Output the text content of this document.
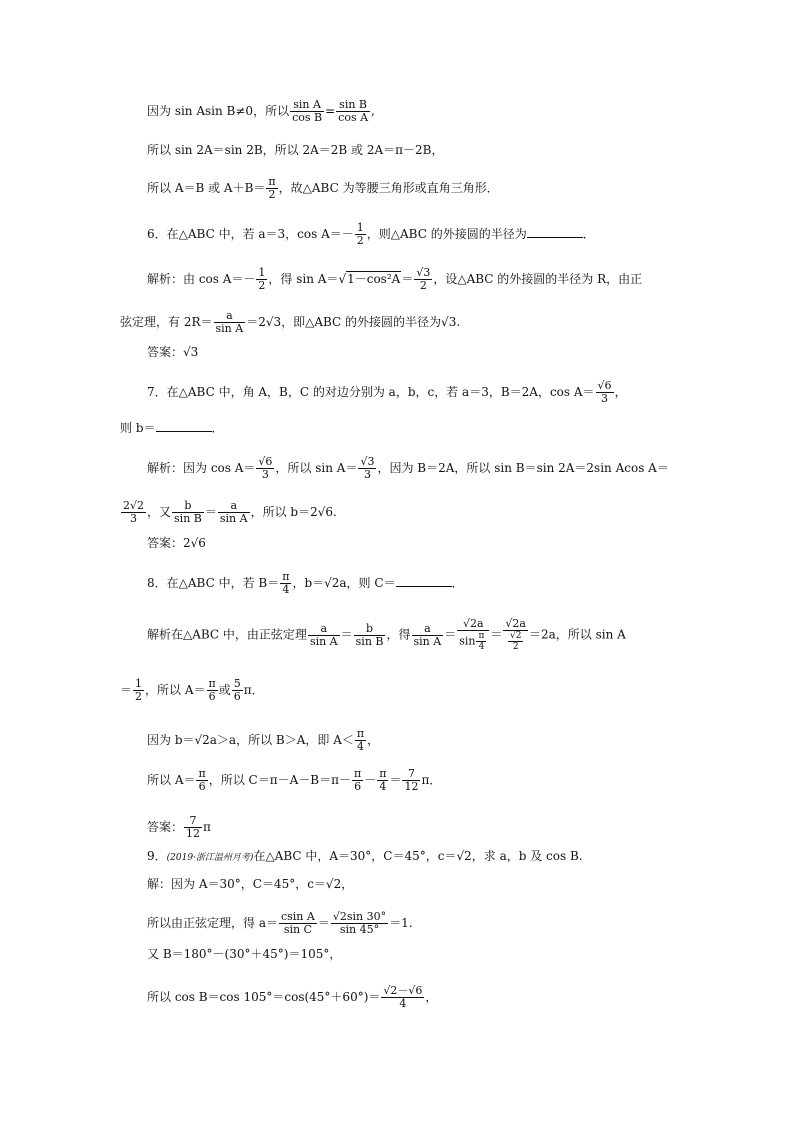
因为 sin Asin B≠0，所以 $\frac{\text{sin A}}{\text{cos B}} = \frac{\text{sin B}}{\text{cos A}}$ ,
所以 sin 2A＝sin 2B，所以 2A＝2B 或 2A＝π－2B，
所以 A＝B 或 $A+B= \frac{\pi}{2}$ ，故△ABC 为等腰三角形或直角三角形．
6．在△ABC 中，若 a＝3，$\cos A=- \frac{1}{2}$ ，则△ABC 的外接圆的半径为	．
解析：由 $\cos A=- \frac{1}{2}$ ，得 $\sin A=√1-\cos^2A= \frac{√3}{2}$ ，设△ABC 的外接圆的半径为 R，由正
弦定理，有 $2R= \frac{a}{\text{sin A}} =2√3$，即△ABC 的外接圆的半径为√3.
答案：√3
7．在△ABC 中，角 A，B，C 的对边分别为 a，b，c，若 a＝3，B＝2A，$\cos A= \frac{√6}{3}$ ，
则 b＝	．
解析：因为 $\cos A= \frac{√6}{3}$ ，所以 $\sin A= \frac{√3}{3}$ ，因为 B＝2A，所以 sin B＝sin 2A＝2sin Acos A＝
$\frac{2√2}{3}$ ，又 $\frac{b}{\text{sin B}} = \frac{a}{\text{sin A}}$ ，所以 b＝2√6.
答案：2√6
8．在△ABC 中，若 $B= \frac{\pi}{4}$ ，b＝√2a，则 C＝	．
解析在△ABC 中，由正弦定理 $\frac{a}{\text{sin A}} = \frac{b}{\text{sin B}}$ ，得 $\frac{a}{\text{sin A}} = \frac{√2a}{\sin \frac{\pi}{4}} = \frac{√2a}{\frac{√2}{2}} =2a$，所以 sin A
＝ $\frac{1}{2}$ ，所以 $A= \frac{\pi}{6}$ 或 $\frac{5}{6}$ π．
因为 b＝√2a＞a，所以 B＞A，即 $A< \frac{\pi}{4}$ ，
所以 $A= \frac{\pi}{6}$ ，所以 $C=\pi-A-B=\pi- \frac{\pi}{6} - \frac{\pi}{4} = \frac{7}{12}$ π．
答案： $\frac{7}{12}$ π
9．(2019·浙江温州月考)在△ABC 中，A＝30°，C＝45°，c＝√2，求 a，b 及 cos B.
解：因为 A＝30°，C＝45°，c＝√2，
所以由正弦定理，得 $a= \frac{\text{csin A}}{\text{sin C}} = \frac{√2\sin 30^\circ}{\sin 45^\circ} =1$.
又 B＝180°－(30°＋45°)＝105°，
所以 cos B＝cos $105^\circ=\cos(45^\circ+60^\circ)= \frac{√2-√6}{4}$ ，
